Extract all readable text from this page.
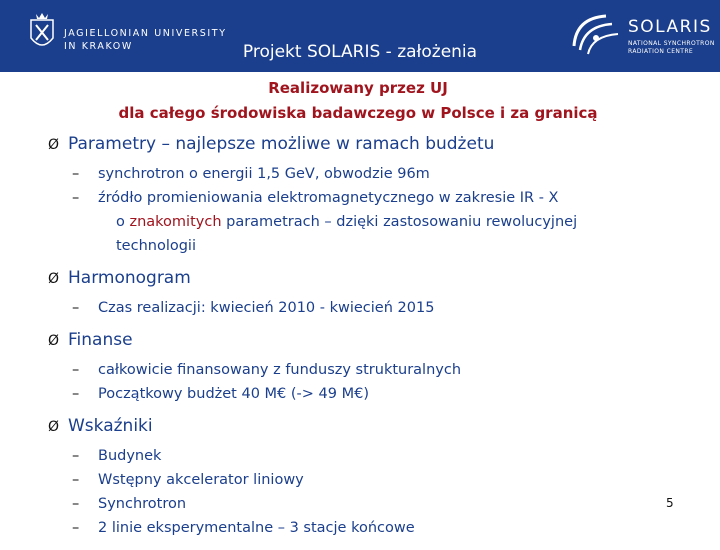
JAGIELLONIAN UNIVERSITY
IN KRAKOW	Projekt SOLARIS - założenia
SOLARIS
NATIONAL SYNCHROTRON RADIATION CENTRE
Realizowany przez UJ
dla całego środowiska badawczego w Polsce i za granicą
Ø Parametry – najlepsze możliwe w ramach budżetu
–	synchrotron o energii 1,5 GeV, obwodzie 96m
–	źródło promieniowania elektromagnetycznego w zakresie IR - X
o znakomitych parametrach – dzięki zastosowaniu rewolucyjnej
technologii
Ø Harmonogram
–	Czas realizacji: kwiecień 2010 - kwiecień 2015
Ø Finanse
–	całkowicie finansowany z funduszy strukturalnych
–	Początkowy budżet 40 M€ (-> 49 M€)
Ø Wskaźniki
–	Budynek
–	Wstępny akcelerator liniowy
–	Synchrotron
–	2 linie eksperymentalne – 3 stacje końcowe
5
